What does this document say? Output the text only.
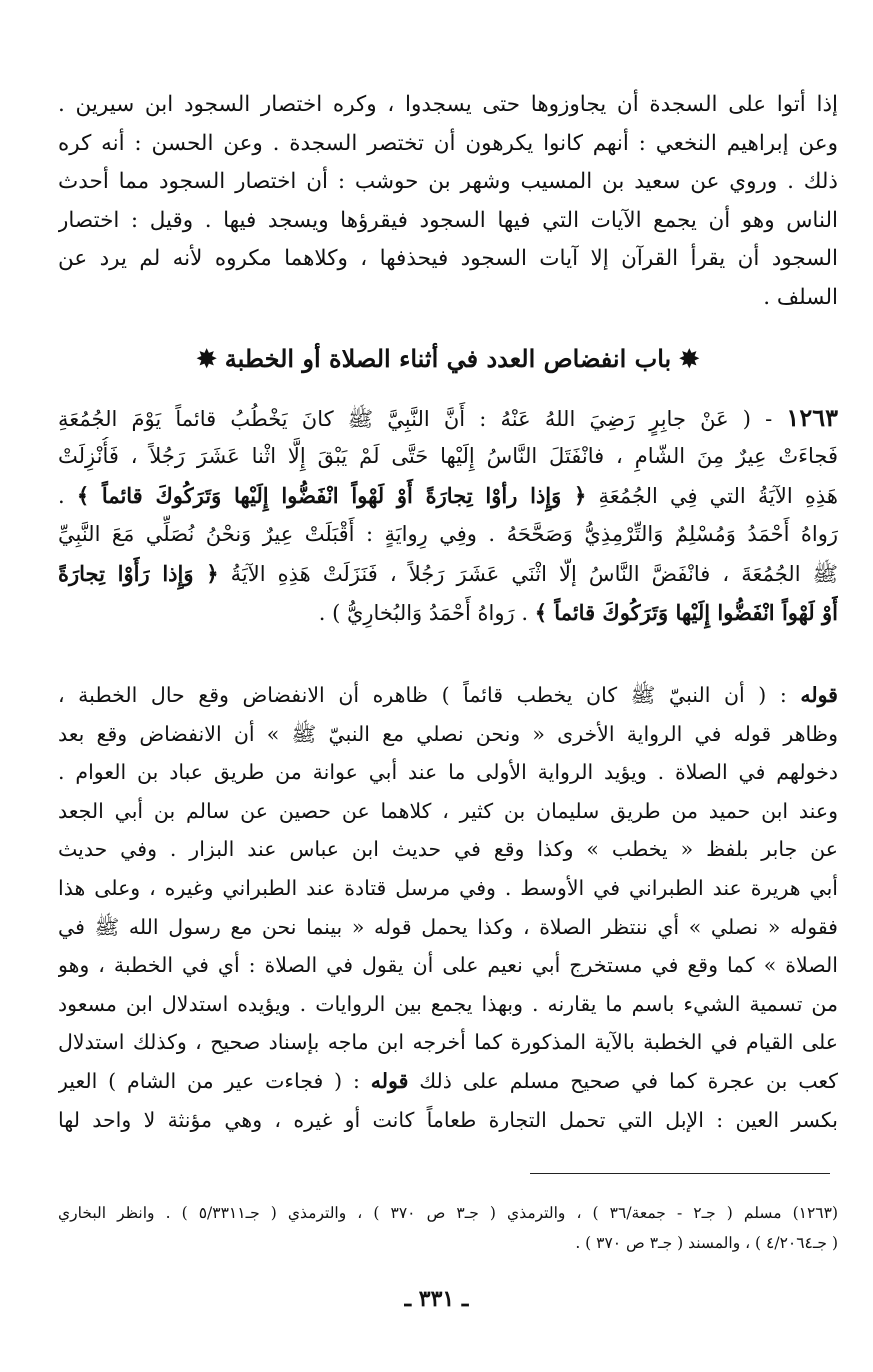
إذا أتوا على السجدة أن يجاوزوها حتى يسجدوا ، وكره اختصار السجود ابن سيرين .
وعن إبراهيم النخعي : أنهم كانوا يكرهون أن تختصر السجدة . وعن الحسن : أنه كره
ذلك . وروي عن سعيد بن المسيب وشهر بن حوشب : أن اختصار السجود مما أحدث
الناس وهو أن يجمع الآيات التي فيها السجود فيقرؤها ويسجد فيها . وقيل : اختصار
السجود أن يقرأ القرآن إلا آيات السجود فيحذفها ، وكلاهما مكروه لأنه لم يرد عن
السلف .
✸باب انفضاص العدد في أثناء الصلاة أو الخطبة✸
١٢٦٣ - ( عَنْ جابِرٍ رَضِيَ اللهُ عَنْهُ : أَنَّ النَّبِيَّ ﷺ كانَ يَخْطُبُ قائماً يَوْمَ الجُمُعَةِ
فَجاءَتْ عِيرٌ مِنَ الشّامِ ، فانْفَتَلَ النَّاسُ إِلَيْها حَتَّى لَمْ يَبْقَ إِلَّا اثْنا عَشَرَ رَجُلاً ، فَأُنْزِلَتْ
هَذِهِ الآيَةُ التي فِي الجُمُعَةِ ﴿ وَإِذا رأوْا تِجارَةً أَوْ لَهْواً انْفَضُّوا إِلَيْها وَتَرَكُوكَ قائماً ﴾ .
رَواهُ أَحْمَدُ وَمُسْلِمٌ وَالتِّرْمِذِيُّ وَصَحَّحَهُ . وفِي رِوايَةٍ : أَقْبَلَتْ عِيرٌ وَنحْنُ نُصَلِّي مَعَ النَّبِيِّ
ﷺ الجُمُعَةَ ، فانْفَضَّ النَّاسُ إلّا اثْنَي عَشَرَ رَجُلاً ، فَنَزَلَتْ هَذِهِ الآيَةُ ﴿ وَإِذا رَأَوْا تِجارَةً
أَوْ لَهْواً انْفَضُّوا إِلَيْها وَتَرَكُوكَ قائماً ﴾ . رَواهُ أَحْمَدُ وَالبُخارِيُّ ) .
قوله : ( أن النبيّ ﷺ كان يخطب قائماً ) ظاهره أن الانفضاض وقع حال الخطبة ،
وظاهر قوله في الرواية الأخرى « ونحن نصلي مع النبيّ ﷺ » أن الانفضاض وقع بعد
دخولهم في الصلاة . ويؤيد الرواية الأولى ما عند أبي عوانة من طريق عباد بن العوام .
وعند ابن حميد من طريق سليمان بن كثير ، كلاهما عن حصين عن سالم بن أبي الجعد
عن جابر بلفظ « يخطب » وكذا وقع في حديث ابن عباس عند البزار . وفي حديث
أبي هريرة عند الطبراني في الأوسط . وفي مرسل قتادة عند الطبراني وغيره ، وعلى هذا
فقوله « نصلي » أي ننتظر الصلاة ، وكذا يحمل قوله « بينما نحن مع رسول الله ﷺ في
الصلاة » كما وقع في مستخرج أبي نعيم على أن يقول في الصلاة : أي في الخطبة ، وهو
من تسمية الشيء باسم ما يقارنه . وبهذا يجمع بين الروايات . ويؤيده استدلال ابن مسعود
على القيام في الخطبة بالآية المذكورة كما أخرجه ابن ماجه بإسناد صحيح ، وكذلك استدلال
كعب بن عجرة كما في صحيح مسلم على ذلك قوله : ( فجاءت عير من الشام ) العير
بكسر العين : الإبل التي تحمل التجارة طعاماً كانت أو غيره ، وهي مؤنثة لا واحد لها
(١٢٦٣) مسلم ( جـ٢ - جمعة/٣٦ ) ، والترمذي ( جـ٣ ص ٣٧٠ ) ، والترمذي ( جـ٥/٣٣١١ ) . وانظر البخاري
( جـ٤/٢٠٦٤ ) ، والمسند ( جـ٣ ص ٣٧٠ ) .
ـ ٣٣١ ـ
